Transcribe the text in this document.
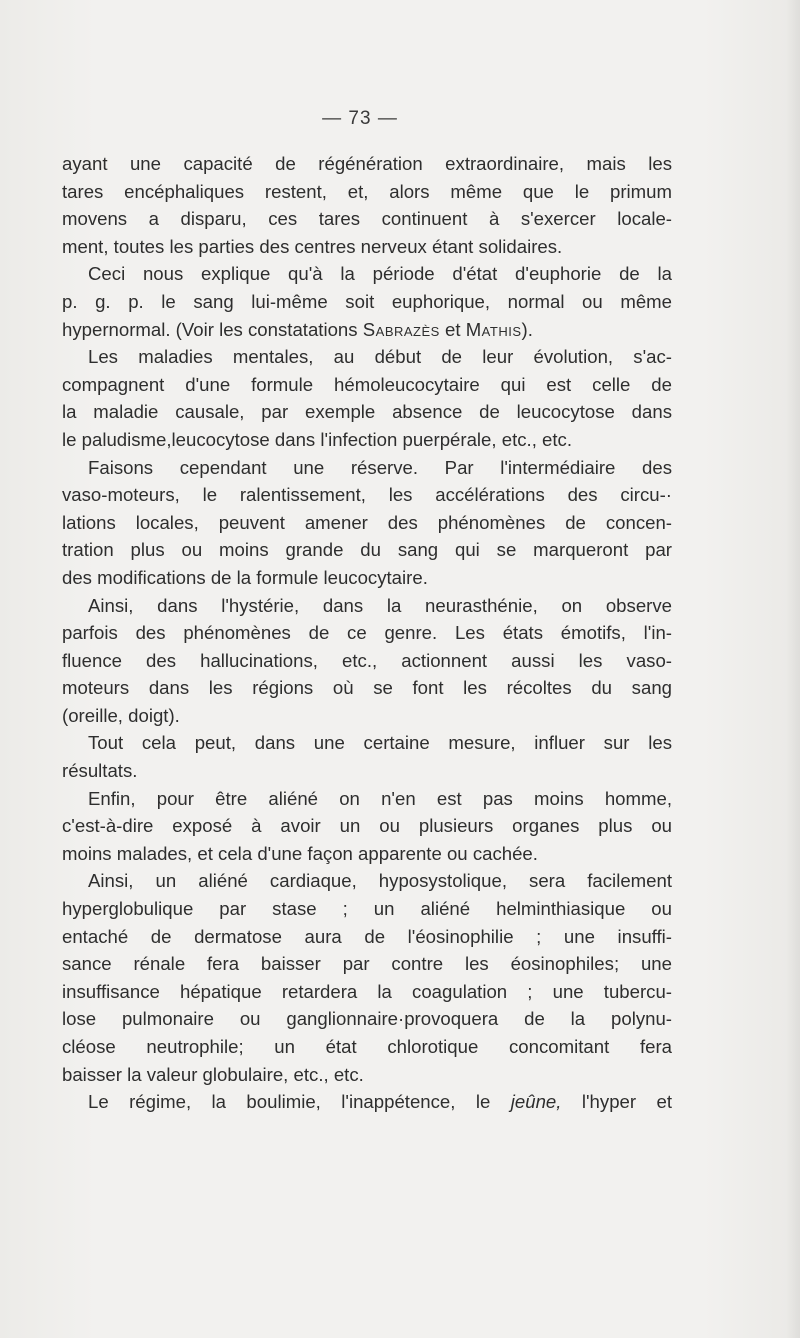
— 73 —
ayant une capacité de régénération extraordinaire, mais les
tares encéphaliques restent, et, alors même que le primum
movens a disparu, ces tares continuent à s'exercer locale-
ment, toutes les parties des centres nerveux étant solidaires.
Ceci nous explique qu'à la période d'état d'euphorie de la
p. g. p. le sang lui-même soit euphorique, normal ou même
hypernormal. (Voir les constatations Sabrazès et Mathis).
Les maladies mentales, au début de leur évolution, s'ac-
compagnent d'une formule hémoleucocytaire qui est celle de
la maladie causale, par exemple absence de leucocytose dans
le paludisme,leucocytose dans l'infection puerpérale, etc., etc.
Faisons cependant une réserve. Par l'intermédiaire des
vaso-moteurs, le ralentissement, les accélérations des circu-·
lations locales, peuvent amener des phénomènes de concen-
tration plus ou moins grande du sang qui se marqueront par
des modifications de la formule leucocytaire.
Ainsi, dans l'hystérie, dans la neurasthénie, on observe
parfois des phénomènes de ce genre. Les états émotifs, l'in-
fluence des hallucinations, etc., actionnent aussi les vaso-
moteurs dans les régions où se font les récoltes du sang
(oreille, doigt).
Tout cela peut, dans une certaine mesure, influer sur les
résultats.
Enfin, pour être aliéné on n'en est pas moins homme,
c'est-à-dire exposé à avoir un ou plusieurs organes plus ou
moins malades, et cela d'une façon apparente ou cachée.
Ainsi, un aliéné cardiaque, hyposystolique, sera facilement
hyperglobulique par stase ; un aliéné helminthiasique ou
entaché de dermatose aura de l'éosinophilie ; une insuffi-
sance rénale fera baisser par contre les éosinophiles; une
insuffisance hépatique retardera la coagulation ; une tubercu-
lose pulmonaire ou ganglionnaire·provoquera de la polynu-
cléose neutrophile; un état chlorotique concomitant fera
baisser la valeur globulaire, etc., etc.
Le régime, la boulimie, l'inappétence, le jeûne, l'hyper et
